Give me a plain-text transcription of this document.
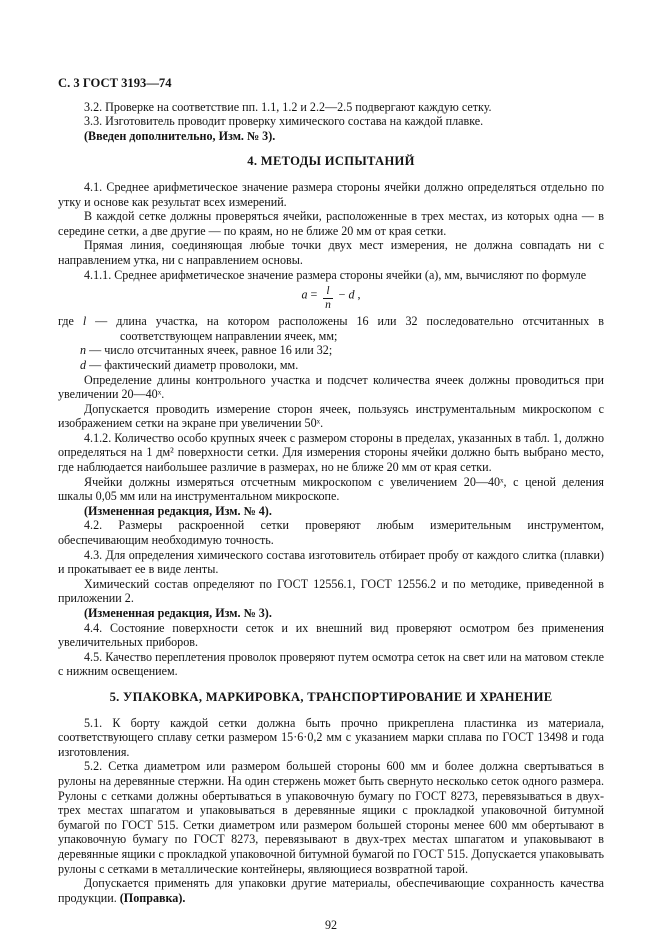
С. 3 ГОСТ 3193—74

3.2. Проверке на соответствие пп. 1.1, 1.2 и 2.2—2.5 подвергают каждую сетку.

3.3. Изготовитель проводит проверку химического состава на каждой плавке.

(Введен дополнительно, Изм. № 3).

4. МЕТОДЫ ИСПЫТАНИЙ

4.1. Среднее арифметическое значение размера стороны ячейки должно определяться отдельно по утку и основе как результат всех измерений.

В каждой сетке должны проверяться ячейки, расположенные в трех местах, из которых одна — в середине сетки, а две другие — по краям, но не ближе 20 мм от края сетки.

Прямая линия, соединяющая любые точки двух мест измерения, не должна совпадать ни с направлением утка, ни с направлением основы.

4.1.1. Среднее арифметическое значение размера стороны ячейки (а), мм, вычисляют по формуле

$a = \frac{l}{n} - d$ ,
где l — длина участка, на котором расположены 16 или 32 последовательно отсчитанных в соответствующем направлении ячеек, мм;
n — число отсчитанных ячеек, равное 16 или 32;
d — фактический диаметр проволоки, мм.

Определение длины контрольного участка и подсчет количества ячеек должны проводиться при увеличении 20—40ˣ.

Допускается проводить измерение сторон ячеек, пользуясь инструментальным микроскопом с изображением сетки на экране при увеличении 50ˣ.

4.1.2. Количество особо крупных ячеек с размером стороны в пределах, указанных в табл. 1, должно определяться на 1 дм² поверхности сетки. Для измерения стороны ячейки должно быть выбрано место, где наблюдается наибольшее различие в размерах, но не ближе 20 мм от края сетки.

Ячейки должны измеряться отсчетным микроскопом с увеличением 20—40ˣ, с ценой деления шкалы 0,05 мм или на инструментальном микроскопе.

(Измененная редакция, Изм. № 4).

4.2. Размеры раскроенной сетки проверяют любым измерительным инструментом, обеспечивающим необходимую точность.

4.3. Для определения химического состава изготовитель отбирает пробу от каждого слитка (плавки) и прокатывает ее в виде ленты.

Химический состав определяют по ГОСТ 12556.1, ГОСТ 12556.2 и по методике, приведенной в приложении 2.

(Измененная редакция, Изм. № 3).

4.4. Состояние поверхности сеток и их внешний вид проверяют осмотром без применения увеличительных приборов.

4.5. Качество переплетения проволок проверяют путем осмотра сеток на свет или на матовом стекле с нижним освещением.

5. УПАКОВКА, МАРКИРОВКА, ТРАНСПОРТИРОВАНИЕ И ХРАНЕНИЕ

5.1. К борту каждой сетки должна быть прочно прикреплена пластинка из материала, соответствующего сплаву сетки размером 15·6·0,2 мм с указанием марки сплава по ГОСТ 13498 и года изготовления.

5.2. Сетка диаметром или размером большей стороны 600 мм и более должна свертываться в рулоны на деревянные стержни. На один стержень может быть свернуто несколько сеток одного размера. Рулоны с сетками должны обертываться в упаковочную бумагу по ГОСТ 8273, перевязываться в двух-трех местах шпагатом и упаковываться в деревянные ящики с прокладкой упаковочной битумной бумагой по ГОСТ 515. Сетки диаметром или размером большей стороны менее 600 мм обертывают в упаковочную бумагу по ГОСТ 8273, перевязывают в двух-трех местах шпагатом и упаковывают в деревянные ящики с прокладкой упаковочной битумной бумагой по ГОСТ 515. Допускается упаковывать рулоны с сетками в металлические контейнеры, являющиеся возвратной тарой.

Допускается применять для упаковки другие материалы, обеспечивающие сохранность качества продукции. (Поправка).

92
